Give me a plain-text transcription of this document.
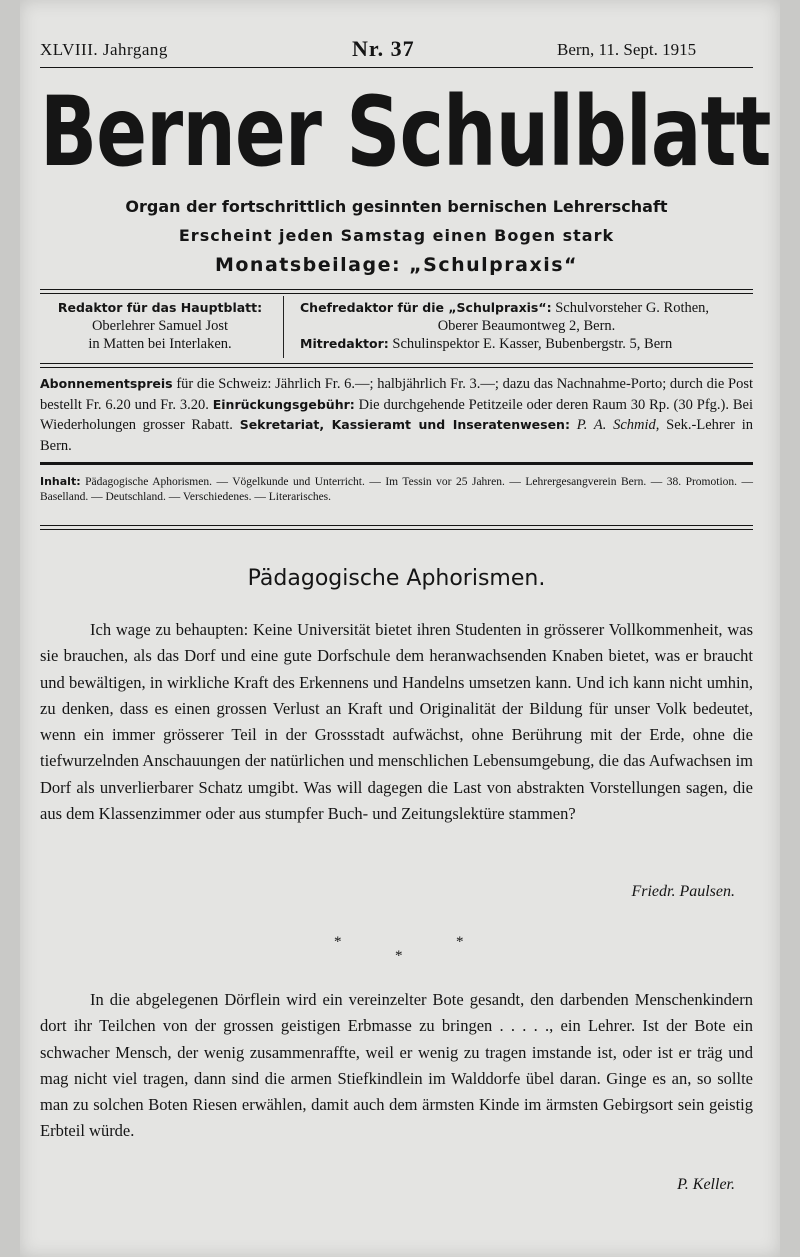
XLVIII. Jahrgang	Nr. 37	Bern, 11. Sept. 1915
Berner Schulblatt
Organ der fortschrittlich gesinnten bernischen Lehrerschaft
Erscheint jeden Samstag einen Bogen stark
Monatsbeilage: „Schulpraxis“
Redaktor für das Hauptblatt:
Oberlehrer Samuel Jost
in Matten bei Interlaken.
Chefredaktor für die „Schulpraxis“: Schulvorsteher G. Rothen,
Oberer Beaumontweg 2, Bern.
Mitredaktor: Schulinspektor E. Kasser, Bubenbergstr. 5, Bern
Abonnementspreis für die Schweiz: Jährlich Fr. 6.—; halbjährlich Fr. 3.—; dazu das Nachnahme-Porto; durch die Post bestellt Fr. 6.20 und Fr. 3.20. Einrückungsgebühr: Die durchgehende Petitzeile oder deren Raum 30 Rp. (30 Pfg.). Bei Wiederholungen grosser Rabatt. Sekretariat, Kassieramt und Inseratenwesen: P. A. Schmid, Sek.-Lehrer in Bern.
Inhalt: Pädagogische Aphorismen. — Vögelkunde und Unterricht. — Im Tessin vor 25 Jahren. — Lehrergesangverein Bern. — 38. Promotion. — Baselland. — Deutschland. — Verschiedenes. — Literarisches.
Pädagogische Aphorismen.
Ich wage zu behaupten: Keine Universität bietet ihren Studenten in grösserer Vollkommenheit, was sie brauchen, als das Dorf und eine gute Dorfschule dem heranwachsenden Knaben bietet, was er braucht und bewältigen, in wirkliche Kraft des Erkennens und Handelns umsetzen kann. Und ich kann nicht umhin, zu denken, dass es einen grossen Verlust an Kraft und Originalität der Bildung für unser Volk bedeutet, wenn ein immer grösserer Teil in der Grossstadt aufwächst, ohne Berührung mit der Erde, ohne die tiefwurzelnden Anschauungen der natürlichen und menschlichen Lebensumgebung, die das Aufwachsen im Dorf als unverlierbarer Schatz umgibt. Was will dagegen die Last von abstrakten Vorstellungen sagen, die aus dem Klassenzimmer oder aus stumpfer Buch- und Zeitungslektüre stammen?
Friedr. Paulsen.
*
*
*
In die abgelegenen Dörflein wird ein vereinzelter Bote gesandt, den darbenden Menschenkindern dort ihr Teilchen von der grossen geistigen Erbmasse zu bringen . . . . ., ein Lehrer. Ist der Bote ein schwacher Mensch, der wenig zusammenraffte, weil er wenig zu tragen imstande ist, oder ist er träg und mag nicht viel tragen, dann sind die armen Stiefkindlein im Walddorfe übel daran. Ginge es an, so sollte man zu solchen Boten Riesen erwählen, damit auch dem ärmsten Kinde im ärmsten Gebirgsort sein geistig Erbteil würde.
P. Keller.
